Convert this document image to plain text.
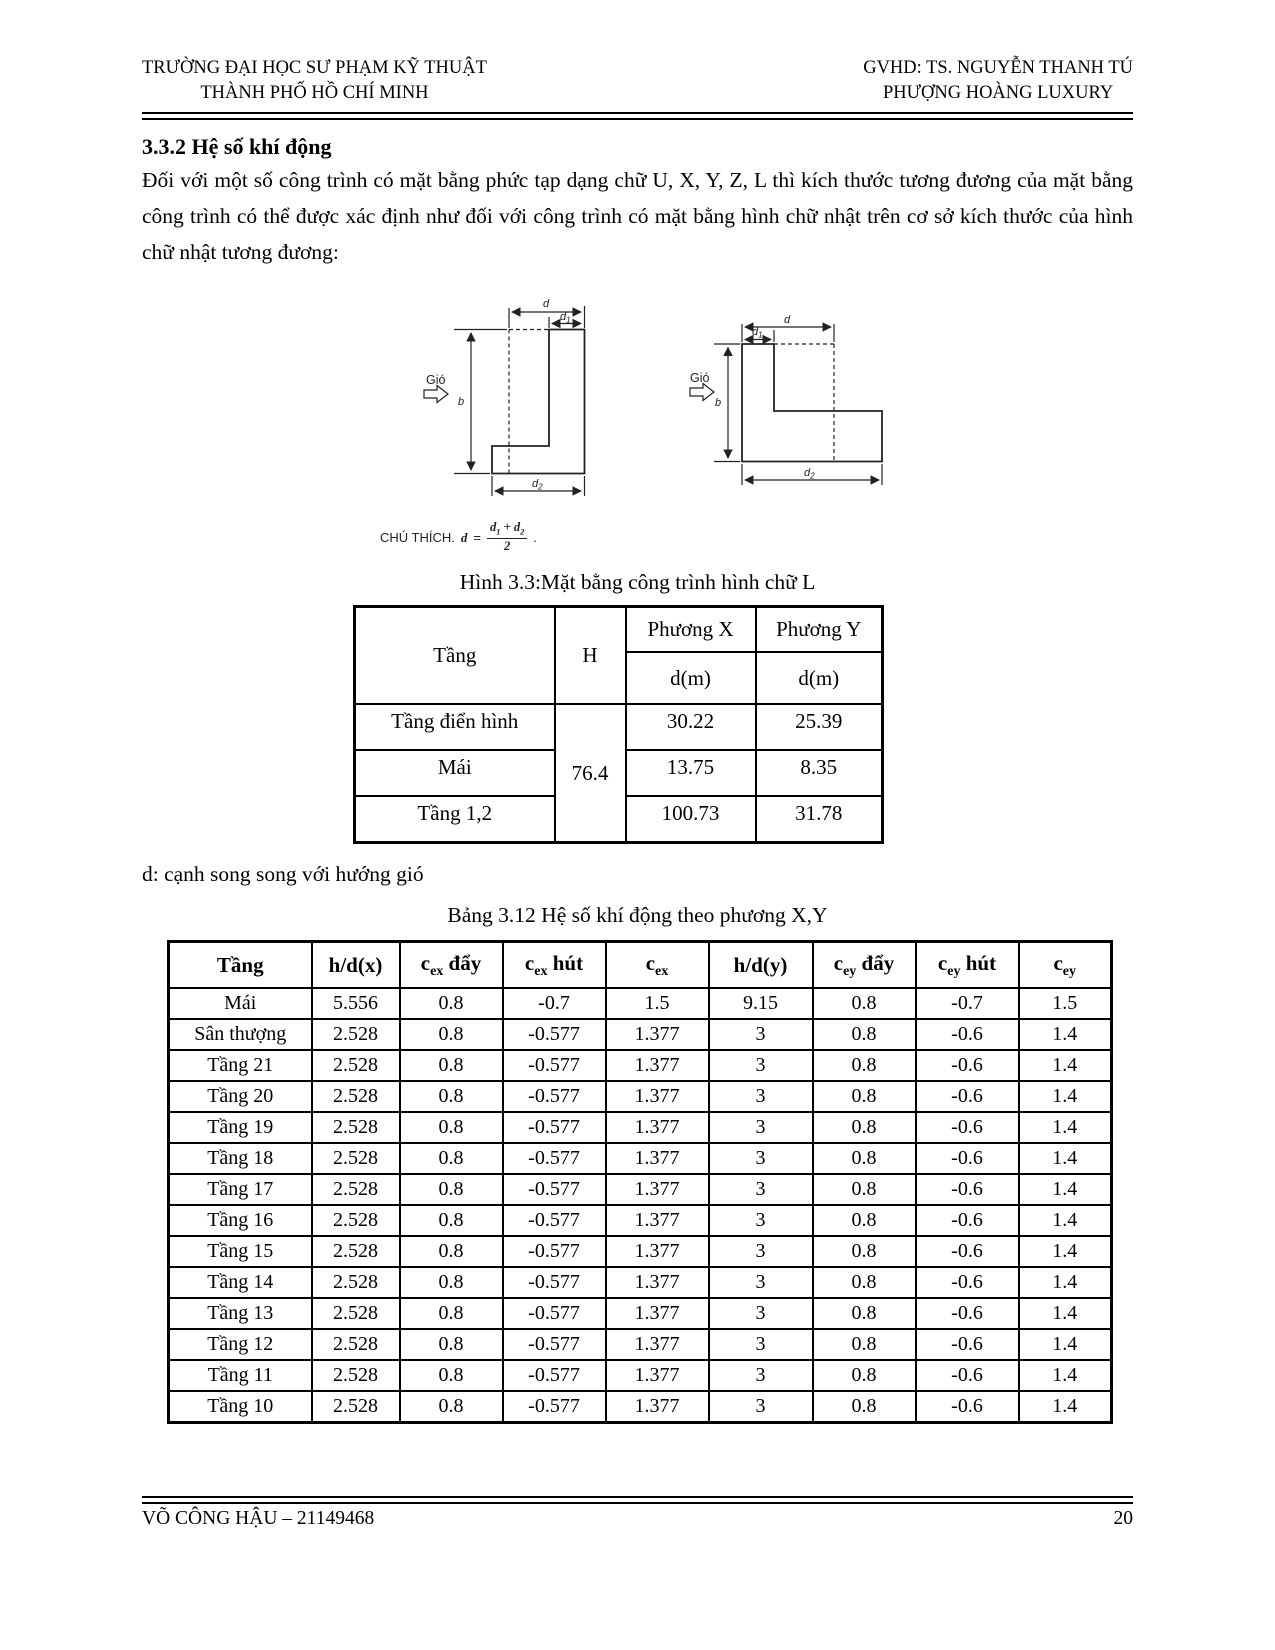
TRƯỜNG ĐẠI HỌC SƯ PHẠM KỸ THUẬT
THÀNH PHỐ HỒ CHÍ MINH
GVHD: TS. NGUYỄN THANH TÚ
PHƯỢNG HOÀNG LUXURY
3.3.2 Hệ số khí động
Đối với một số công trình có mặt bằng phức tạp dạng chữ U, X, Y, Z, L thì kích thước tương đương của mặt bằng công trình có thể được xác định như đối với công trình có mặt bằng hình chữ nhật trên cơ sở kích thước của hình chữ nhật tương đương:
Gió
d
$d_1$
b
$d_2$
Gió
d
$d_1$
b
$d_2$
CHÚ THÍCH. $d = \frac{d_1 + d_2}{2}$ .
Hình 3.3:Mặt bằng công trình hình chữ L
Tầng	H	Phương X	Phương Y
		d(m)	d(m)
Tầng điển hình	76.4	30.22	25.39
Mái		13.75	8.35
Tầng 1,2		100.73	31.78
d: cạnh song song với hướng gió
Bảng 3.12 Hệ số khí động theo phương X,Y
Tầng	h/d(x)	$c_{ex}$ đẩy	$c_{ex}$ hút	$c_{ex}$	h/d(y)	$c_{ey}$ đẩy	$c_{ey}$ hút	$c_{ey}$
Mái	5.556	0.8	-0.7	1.5	9.15	0.8	-0.7	1.5
Sân thượng	2.528	0.8	-0.577	1.377	3	0.8	-0.6	1.4
Tầng 21	2.528	0.8	-0.577	1.377	3	0.8	-0.6	1.4
Tầng 20	2.528	0.8	-0.577	1.377	3	0.8	-0.6	1.4
Tầng 19	2.528	0.8	-0.577	1.377	3	0.8	-0.6	1.4
Tầng 18	2.528	0.8	-0.577	1.377	3	0.8	-0.6	1.4
Tầng 17	2.528	0.8	-0.577	1.377	3	0.8	-0.6	1.4
Tầng 16	2.528	0.8	-0.577	1.377	3	0.8	-0.6	1.4
Tầng 15	2.528	0.8	-0.577	1.377	3	0.8	-0.6	1.4
Tầng 14	2.528	0.8	-0.577	1.377	3	0.8	-0.6	1.4
Tầng 13	2.528	0.8	-0.577	1.377	3	0.8	-0.6	1.4
Tầng 12	2.528	0.8	-0.577	1.377	3	0.8	-0.6	1.4
Tầng 11	2.528	0.8	-0.577	1.377	3	0.8	-0.6	1.4
Tầng 10	2.528	0.8	-0.577	1.377	3	0.8	-0.6	1.4
VÕ CÔNG HẬU – 21149468	20
